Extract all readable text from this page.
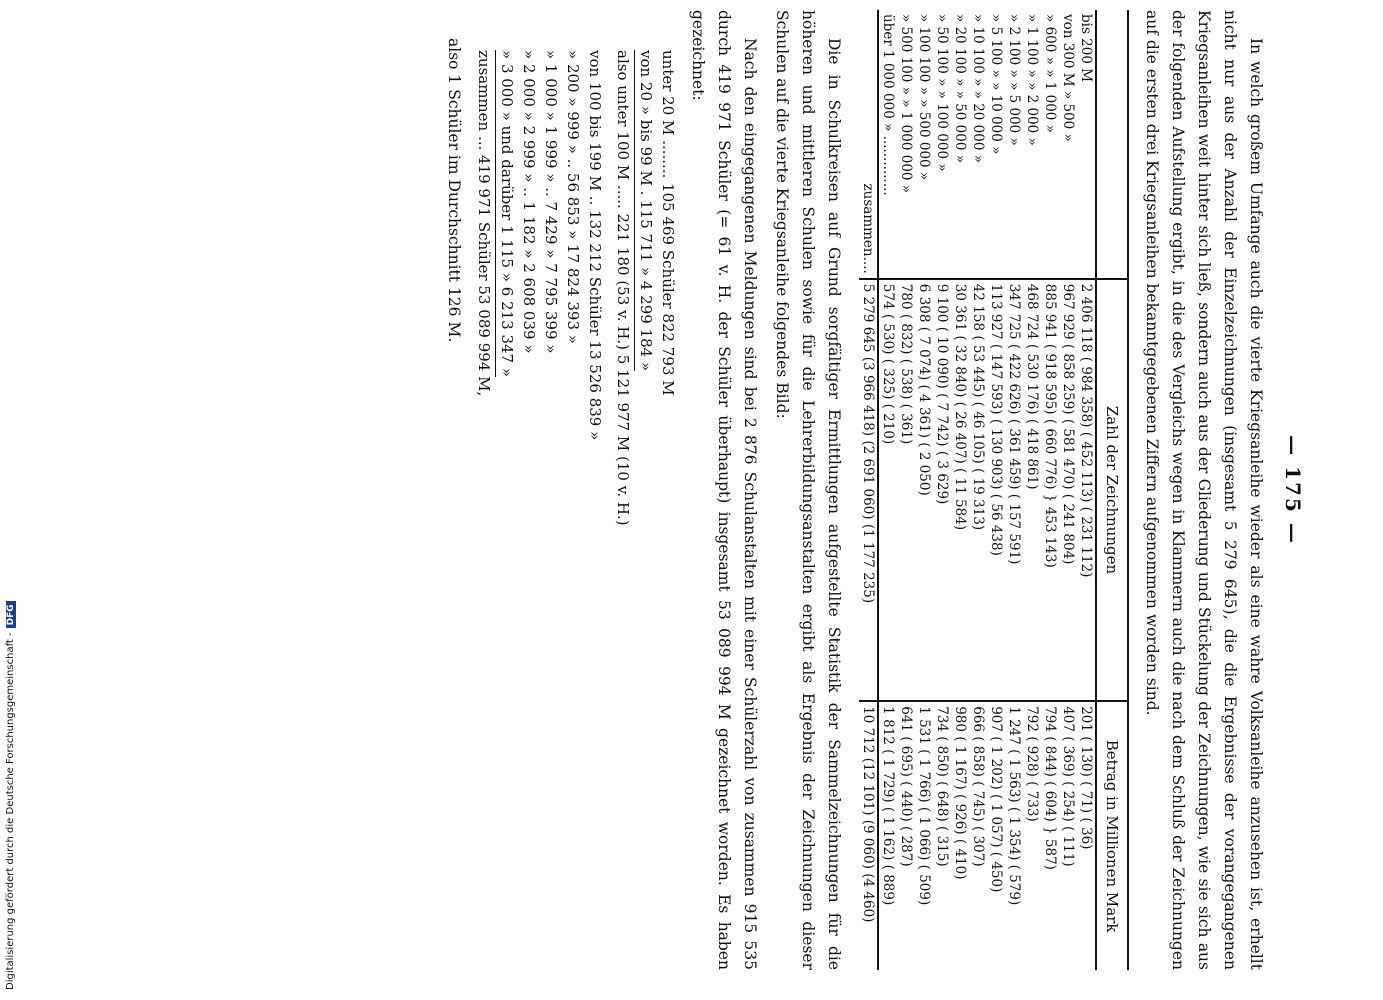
Digitalisierung gefördert durch die Deutsche Forschungsgemeinschaft -DFG
— 175 —

In welch großem Umfange auch die vierte Kriegsanleihe wieder als eine wahre Volksanleihe anzusehen ist, erhellt nicht nur aus der Anzahl der Einzelzeichnungen (insgesamt 5 279 645), die die Ergebnisse der vorangegangenen Kriegsanleihen weit hinter sich ließ, sondern auch aus der Gliederung und Stückelung der Zeichnungen, wie sie sich aus der folgenden Aufstellung ergibt, in die des Vergleichs wegen in Klammern auch die nach dem Schluß der Zeichnungen auf die ersten drei Kriegsanleihen bekanntgegebenen Ziffern aufgenommen worden sind.

	Zahl der Zeichnungen	Betrag in Millionen Mark
bis 200 M	2 406 118 ( 984 358) ( 452 113) ( 231 112)	201 ( 130) ( 71) ( 36)
von 300 M » 500 »	967 929 ( 858 259) ( 581 470) ( 241 804)	407 ( 369) ( 254) ( 111)
» 600 » » 1 000 »	885 941 ( 918 595) ( 660 776) } 453 143)	794 ( 844) ( 604) } 587)
» 1 100 » » 2 000 »	468 724 ( 530 176) ( 418 861)	792 ( 928) ( 733)
» 2 100 » » 5 000 »	347 725 ( 422 626) ( 361 459) ( 157 591)	1 247 ( 1 563) ( 1 354) ( 579)
» 5 100 » » 10 000 »	113 927 ( 147 593) ( 130 903) ( 56 438)	907 ( 1 202) ( 1 057) ( 450)
» 10 100 » » 20 000 »	42 158 ( 53 445) ( 46 105) ( 19 313)	666 ( 858) ( 745) ( 307)
» 20 100 » » 50 000 »	30 361 ( 32 840) ( 26 407) ( 11 584)	980 ( 1 167) ( 926) ( 410)
» 50 100 » » 100 000 »	9 100 ( 10 090) ( 7 742) ( 3 629)	734 ( 850) ( 648) ( 315)
» 100 100 » » 500 000 »	6 308 ( 7 074) ( 4 361) ( 2 050)	1 531 ( 1 766) ( 1 066) ( 509)
» 500 100 » » 1 000 000 »	780 ( 832) ( 538) ( 361)	641 ( 695) ( 440) ( 287)
über 1 000 000 » ..............	574 ( 530) ( 325) ( 210)	1 812 ( 1 729) ( 1 162) ( 889)
zusammen....	5 279 645 (3 966 418) (2 691 060) (1 177 235)	10 712 (12 101) (9 060) (4 460)

Die in Schulkreisen auf Grund sorgfältiger Ermittlungen aufgestellte Statistik der Sammelzeichnungen für die höheren und mittleren Schulen sowie für die Lehrerbildungsanstalten ergibt als Ergebnis der Zeichnungen dieser Schulen auf die vierte Kriegsanleihe folgendes Bild:

Nach den eingegangenen Meldungen sind bei 2 876 Schulanstalten mit einer Schülerzahl von zusammen 915 535 durch 419 971 Schüler (= 61 v. H. der Schüler überhaupt) insgesamt 53 089 994 M gezeichnet worden. Es haben gezeichnet:

unter 20 M ........ 105 469 Schüler 822 793 M
von 20 » bis 99 M . 115 711 » 4 299 184 »
also unter 100 M ..... 221 180 (53 v. H.) 5 121 977 M (10 v. H.)
von 100 bis 199 M .. 132 212 Schüler 13 526 839 »
» 200 » 999 » .. 56 853 » 17 824 393 »
» 1 000 » 1 999 » .. 7 429 » 7 795 399 »
» 2 000 » 2 999 » .. 1 182 » 2 608 039 »
» 3 000 » und darüber 1 115 » 6 213 347 »
zusammen ... 419 971 Schüler 53 089 994 M,

also 1 Schüler im Durchschnitt 126 M.
